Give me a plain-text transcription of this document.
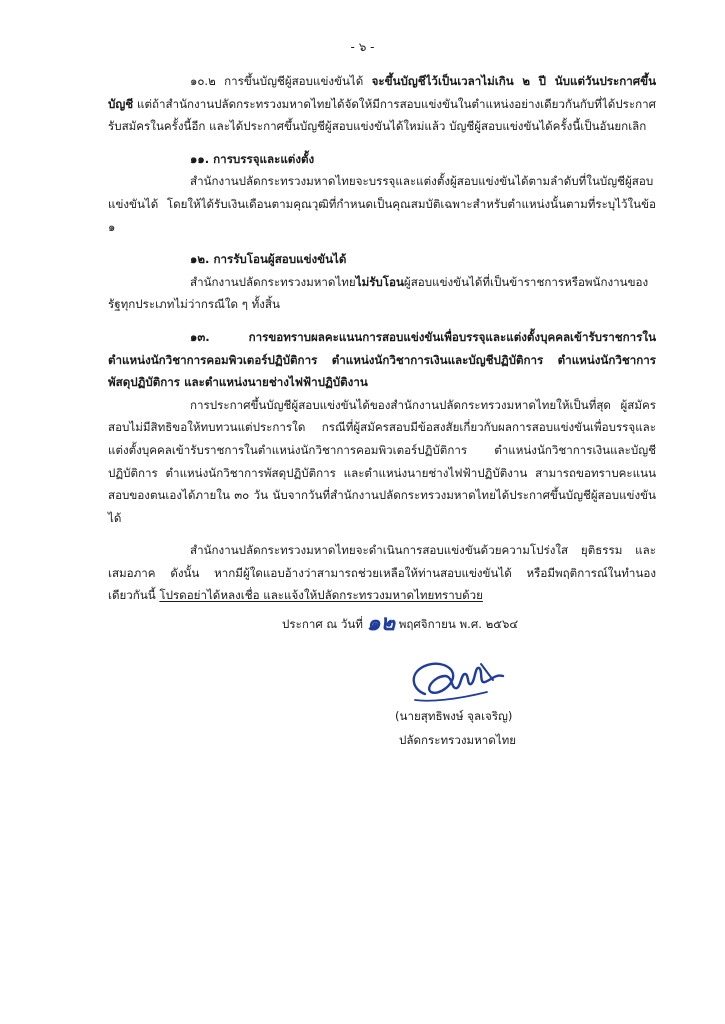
- ๖ -

๑๐.๒ การขึ้นบัญชีผู้สอบแข่งขันได้ จะขึ้นบัญชีไว้เป็นเวลาไม่เกิน ๒ ปี นับแต่วันประกาศขึ้นบัญชี แต่ถ้าสำนักงานปลัดกระทรวงมหาดไทยได้จัดให้มีการสอบแข่งขันในตำแหน่งอย่างเดียวกันกับที่ได้ประกาศรับสมัครในครั้งนี้อีก และได้ประกาศขึ้นบัญชีผู้สอบแข่งขันได้ใหม่แล้ว บัญชีผู้สอบแข่งขันได้ครั้งนี้เป็นอันยกเลิก

๑๑. การบรรจุและแต่งตั้ง

สำนักงานปลัดกระทรวงมหาดไทยจะบรรจุและแต่งตั้งผู้สอบแข่งขันได้ตามลำดับที่ในบัญชีผู้สอบแข่งขันได้ โดยให้ได้รับเงินเดือนตามคุณวุฒิที่กำหนดเป็นคุณสมบัติเฉพาะสำหรับตำแหน่งนั้นตามที่ระบุไว้ในข้อ ๑

๑๒. การรับโอนผู้สอบแข่งขันได้

สำนักงานปลัดกระทรวงมหาดไทยไม่รับโอนผู้สอบแข่งขันได้ที่เป็นข้าราชการหรือพนักงานของรัฐทุกประเภทไม่ว่ากรณีใด ๆ ทั้งสิ้น

๑๓. การขอทราบผลคะแนนการสอบแข่งขันเพื่อบรรจุและแต่งตั้งบุคคลเข้ารับราชการในตำแหน่งนักวิชาการคอมพิวเตอร์ปฏิบัติการ ตำแหน่งนักวิชาการเงินและบัญชีปฏิบัติการ ตำแหน่งนักวิชาการพัสดุปฏิบัติการ และตำแหน่งนายช่างไฟฟ้าปฏิบัติงาน

การประกาศขึ้นบัญชีผู้สอบแข่งขันได้ของสำนักงานปลัดกระทรวงมหาดไทยให้เป็นที่สุด ผู้สมัครสอบไม่มีสิทธิขอให้ทบทวนแต่ประการใด กรณีที่ผู้สมัครสอบมีข้อสงสัยเกี่ยวกับผลการสอบแข่งขันเพื่อบรรจุและแต่งตั้งบุคคลเข้ารับราชการในตำแหน่งนักวิชาการคอมพิวเตอร์ปฏิบัติการ ตำแหน่งนักวิชาการเงินและบัญชีปฏิบัติการ ตำแหน่งนักวิชาการพัสดุปฏิบัติการ และตำแหน่งนายช่างไฟฟ้าปฏิบัติงาน สามารถขอทราบคะแนนสอบของตนเองได้ภายใน ๓๐ วัน นับจากวันที่สำนักงานปลัดกระทรวงมหาดไทยได้ประกาศขึ้นบัญชีผู้สอบแข่งขันได้

สำนักงานปลัดกระทรวงมหาดไทยจะดำเนินการสอบแข่งขันด้วยความโปร่งใส ยุติธรรม และเสมอภาค ดังนั้น หากมีผู้ใดแอบอ้างว่าสามารถช่วยเหลือให้ท่านสอบแข่งขันได้ หรือมีพฤติการณ์ในทำนองเดียวกันนี้ โปรดอย่าได้หลงเชื่อ และแจ้งให้ปลัดกระทรวงมหาดไทยทราบด้วย

ประกาศ ณ วันที่ ๑๒ พฤศจิกายน พ.ศ. ๒๕๖๔
(นายสุทธิพงษ์ จุลเจริญ)
ปลัดกระทรวงมหาดไทย
